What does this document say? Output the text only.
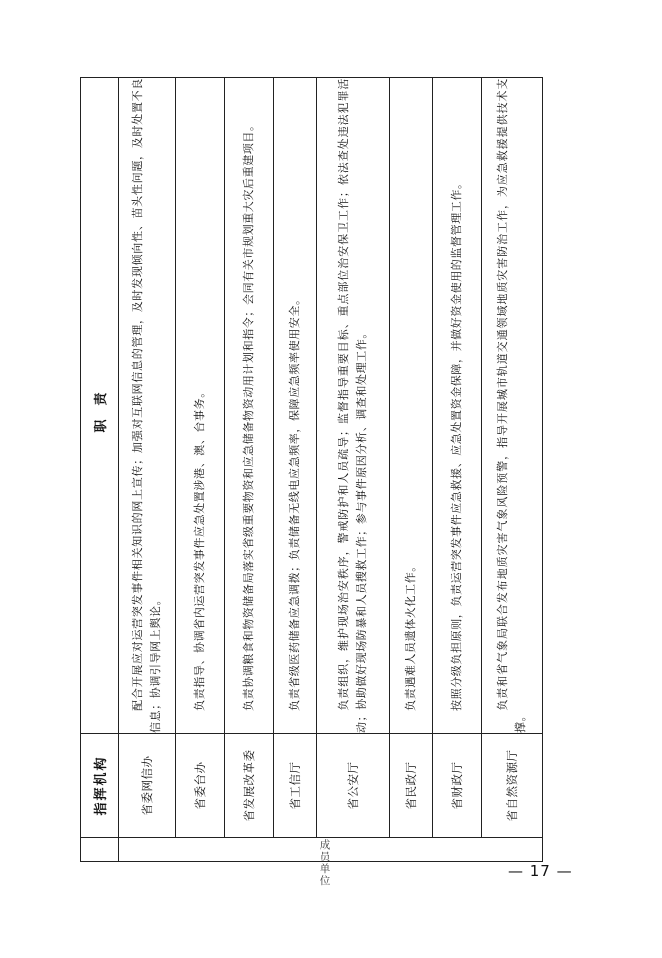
	指挥机构	职责
	省委网信办	配合开展应对运营突发事件相关知识的网上宣传；加强对互联网信息的管理，及时发现倾向性、苗头性问题，及时处置不良信息；协调引导网上舆论。
	省委台办	负责指导、协调省内运营突发事件应急处置涉港、澳、台事务。
	省发展改革委	负责协调粮食和物资储备局落实省级重要物资和应急储备物资动用计划和指令；会同有关市规划重大灾后重建项目。
	省工信厅	负责省级医药储备应急调拨；负责储备无线电应急频率，保障应急频率使用安全。
	省公安厅	负责组织，维护现场治安秩序，警戒防护和人员疏导；监督指导重要目标、重点部位治安保卫工作；依法查处违法犯罪活动；协助做好现场防暴和人员搜救工作；参与事件原因分析、调查和处理工作。
	省民政厅	负责遇难人员遗体火化工作。
	省财政厅	按照分级负担原则，负责运营突发事件应急救援、应急处置资金保障，并做好资金使用的监督管理工作。
	省自然资源厅	负责和省气象局联合发布地质灾害气象风险预警，指导开展城市轨道交通领域地质灾害防治工作，为应急救援提供技术支撑。
成
员
单
位
— 17 —
